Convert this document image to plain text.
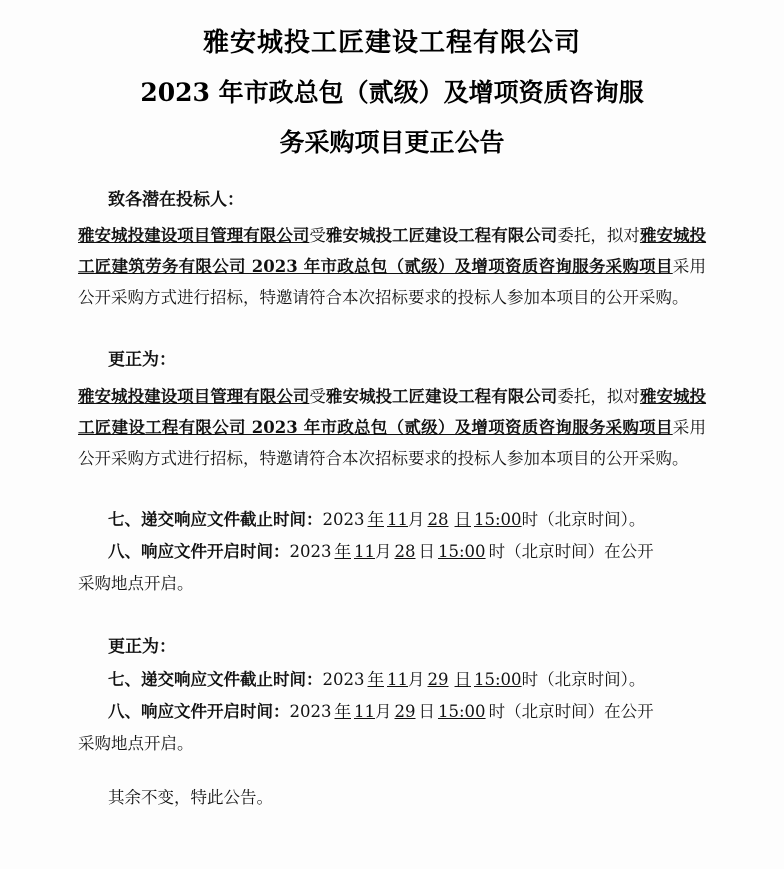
雅安城投工匠建设工程有限公司
2023 年市政总包（贰级）及增项资质咨询服
务采购项目更正公告
致各潜在投标人：

雅安城投建设项目管理有限公司受雅安城投工匠建设工程有限公司委托，拟对雅安城投工匠建筑劳务有限公司 2023 年市政总包（贰级）及增项资质咨询服务采购项目采用公开采购方式进行招标，特邀请符合本次招标要求的投标人参加本项目的公开采购。

更正为：

雅安城投建设项目管理有限公司受雅安城投工匠建设工程有限公司委托，拟对雅安城投工匠建设工程有限公司 2023 年市政总包（贰级）及增项资质咨询服务采购项目采用公开采购方式进行招标，特邀请符合本次招标要求的投标人参加本项目的公开采购。

七、递交响应文件截止时间：2023 年 11月 28 日 15:00时（北京时间）。
八、响应文件开启时间：2023 年 11月 28 日 15:00 时（北京时间）在公开
采购地点开启。
更正为：
七、递交响应文件截止时间：2023 年 11月 29 日 15:00时（北京时间）。
八、响应文件开启时间：2023 年 11月 29 日 15:00 时（北京时间）在公开
采购地点开启。
其余不变，特此公告。
